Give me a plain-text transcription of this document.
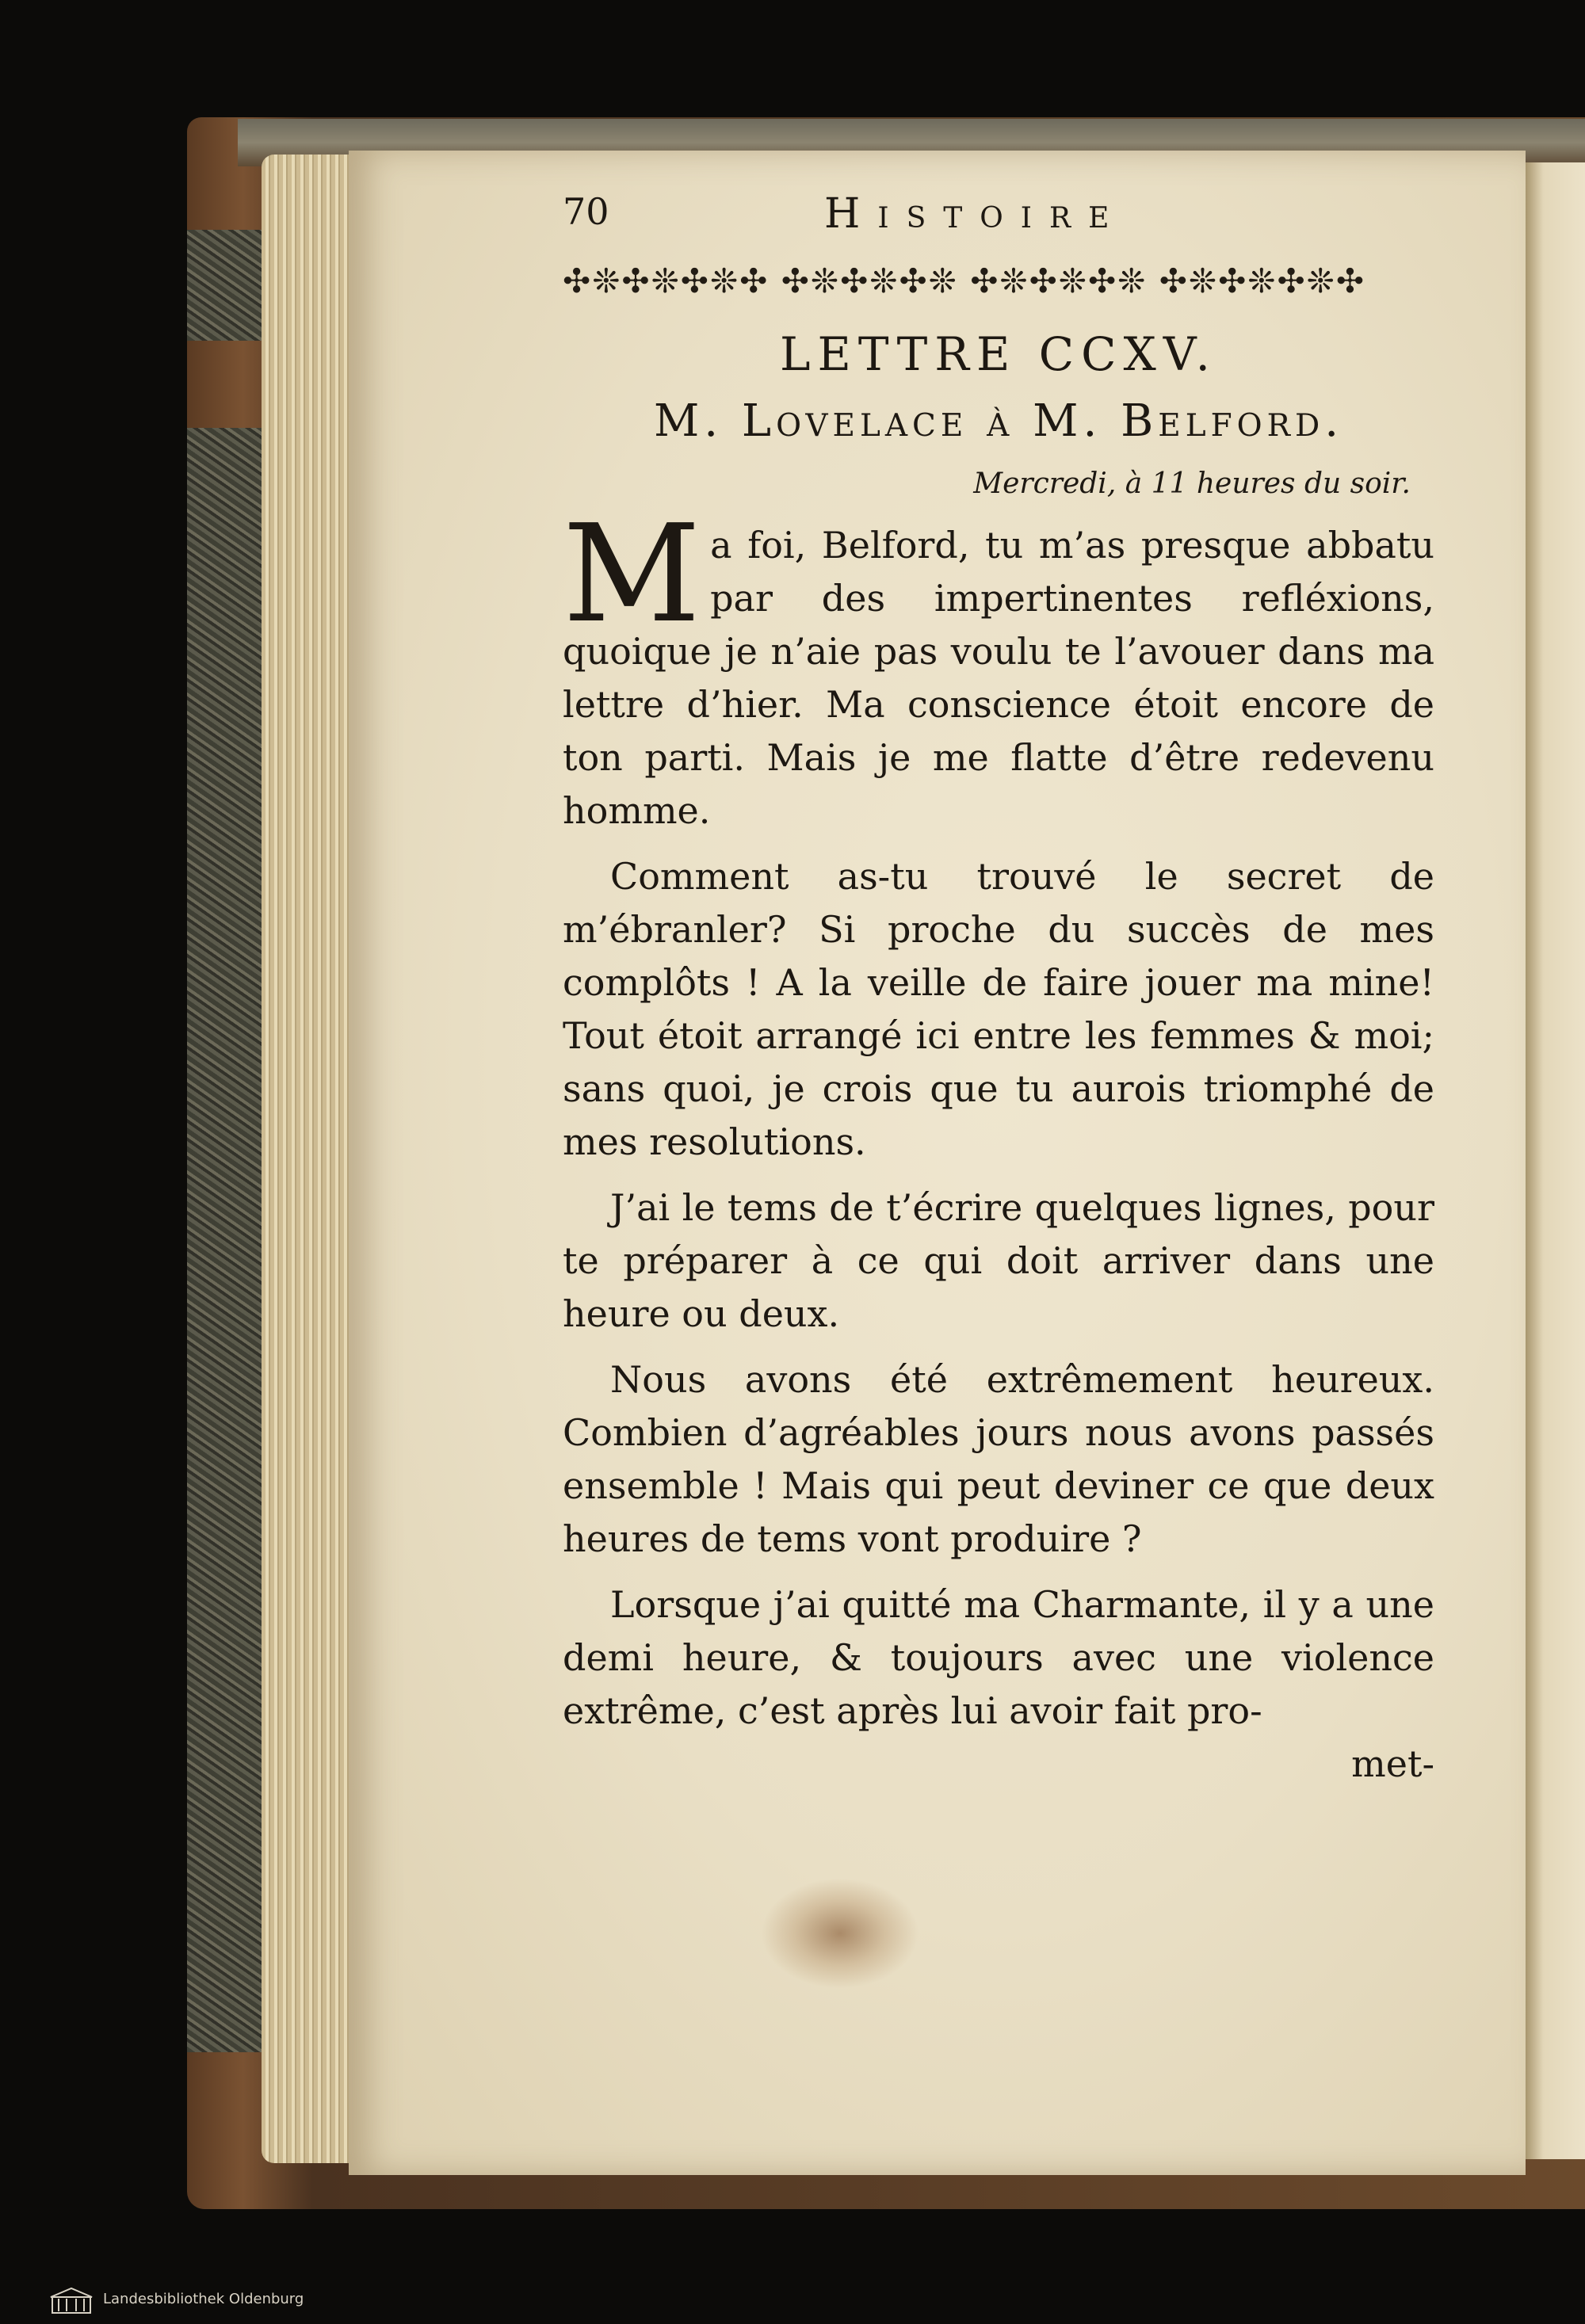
70	Histoire
✣❊✣❊✣❊✣ ✣❊✣❊✣❊ ✣❊✣❊✣❊ ✣❊✣❊✣❊✣
LETTRE CCXV.
M. Lovelace à M. Belford.
Mercredi, à 11 heures du soir.

Ma foi, Belford, tu m’as presque abbatu par des impertinentes refléxions, quoique je n’aie pas voulu te l’avouer dans ma lettre d’hier. Ma conscience étoit encore de ton parti. Mais je me flatte d’être redevenu homme.

Comment as-tu trouvé le secret de m’ébranler? Si proche du succès de mes complôts ! A la veille de faire jouer ma mine! Tout étoit arrangé ici entre les femmes & moi; sans quoi, je crois que tu aurois triomphé de mes resolutions.

J’ai le tems de t’écrire quelques lignes, pour te préparer à ce qui doit arriver dans une heure ou deux.

Nous avons été extrêmement heureux. Combien d’agréables jours nous avons passés ensemble ! Mais qui peut deviner ce que deux heures de tems vont produire ?

Lorsque j’ai quitté ma Charmante, il y a une demi heure, & toujours avec une violence extrême, c’est après lui avoir fait pro-

met-
Landesbibliothek Oldenburg
